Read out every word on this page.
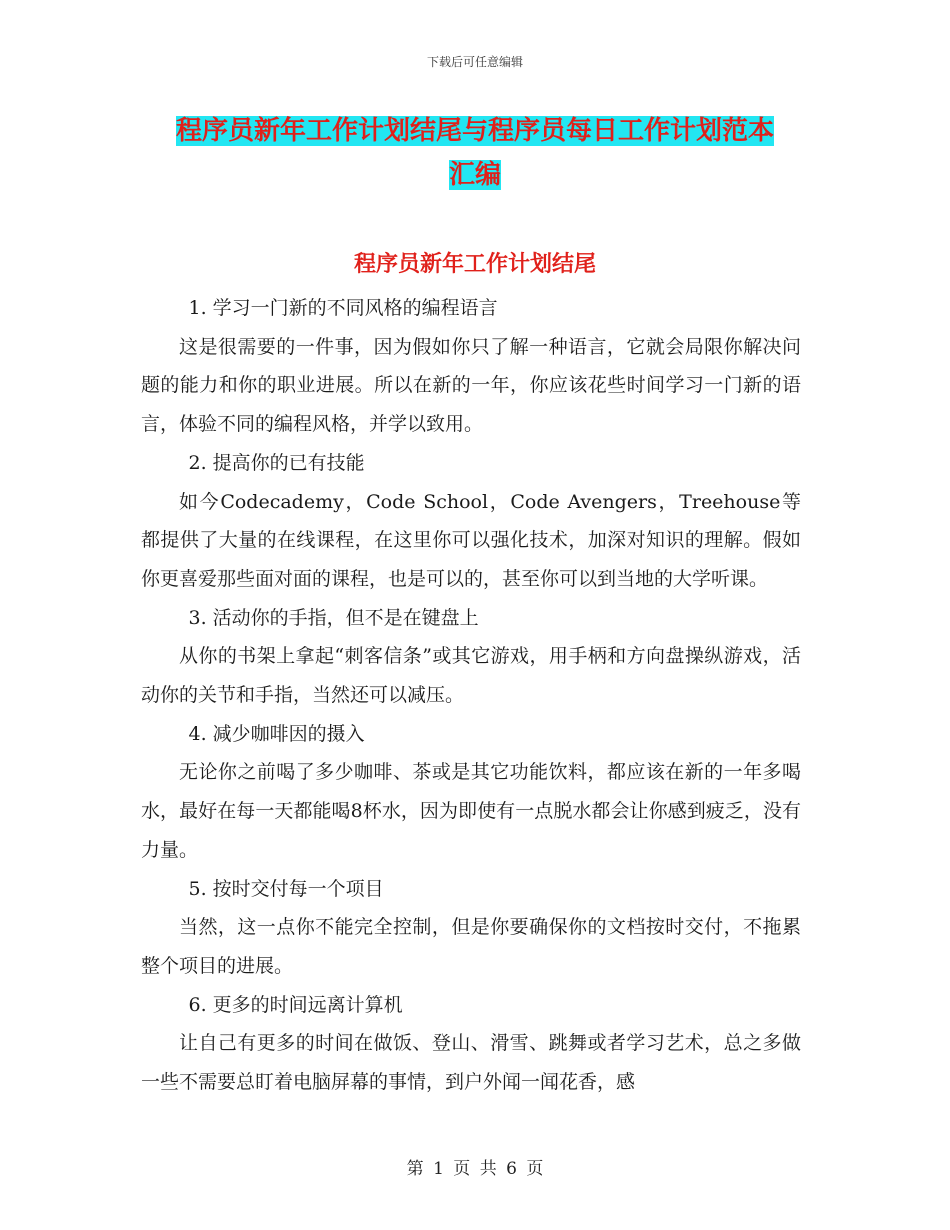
下载后可任意编辑
程序员新年工作计划结尾与程序员每日工作计划范本
汇编
程序员新年工作计划结尾

1. 学习一门新的不同风格的编程语言

这是很需要的一件事，因为假如你只了解一种语言，它就会局限你解决问题的能力和你的职业进展。所以在新的一年，你应该花些时间学习一门新的语言，体验不同的编程风格，并学以致用。

2. 提高你的已有技能

如今Codecademy，Code School，Code Avengers，Treehouse等都提供了大量的在线课程，在这里你可以强化技术，加深对知识的理解。假如你更喜爱那些面对面的课程，也是可以的，甚至你可以到当地的大学听课。

3. 活动你的手指，但不是在键盘上

从你的书架上拿起“刺客信条”或其它游戏，用手柄和方向盘操纵游戏，活动你的关节和手指，当然还可以减压。

4. 减少咖啡因的摄入

无论你之前喝了多少咖啡、茶或是其它功能饮料，都应该在新的一年多喝水，最好在每一天都能喝8杯水，因为即使有一点脱水都会让你感到疲乏，没有力量。

5. 按时交付每一个项目

当然，这一点你不能完全控制，但是你要确保你的文档按时交付，不拖累整个项目的进展。

6. 更多的时间远离计算机

让自己有更多的时间在做饭、登山、滑雪、跳舞或者学习艺术，总之多做一些不需要总盯着电脑屏幕的事情，到户外闻一闻花香，感

第 1 页 共 6 页
